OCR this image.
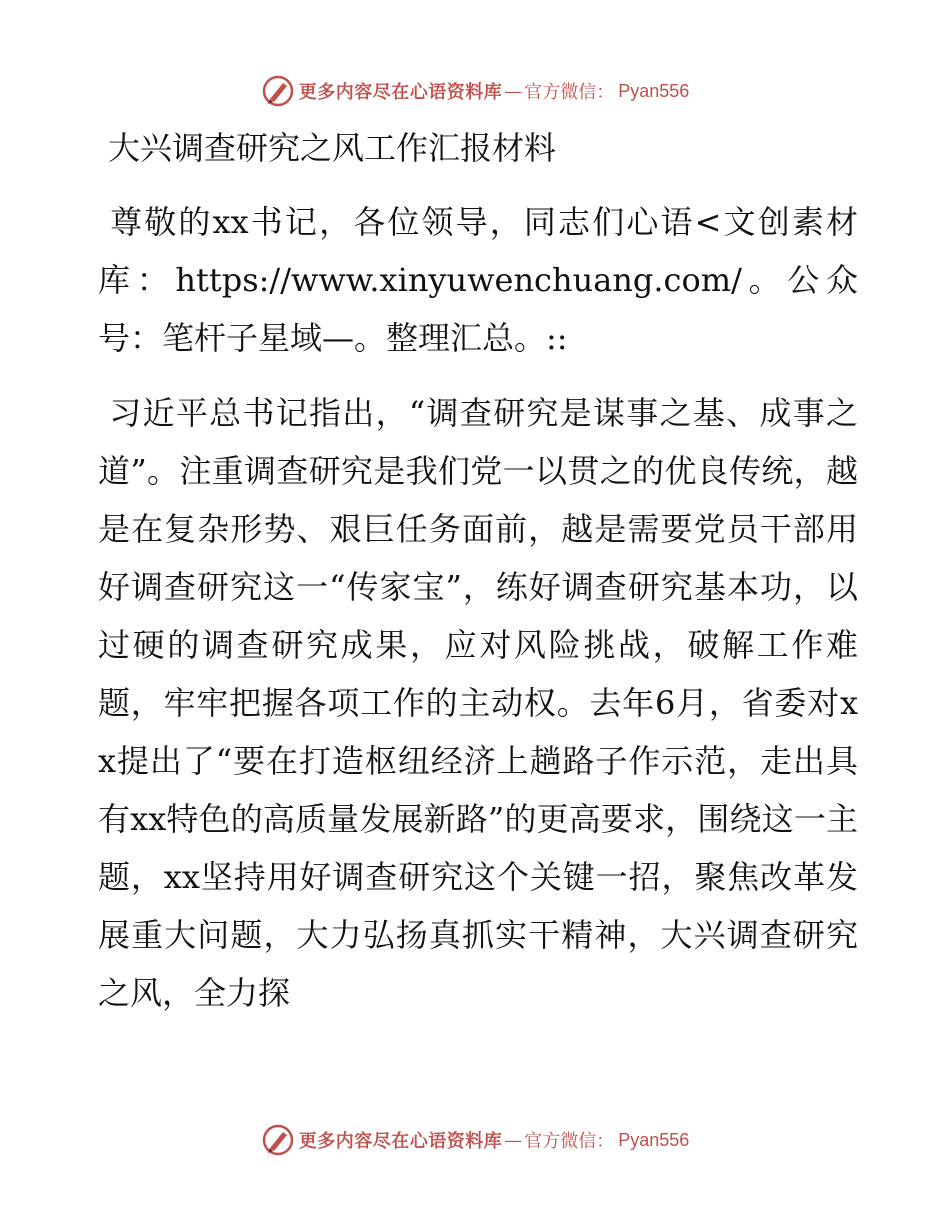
更多内容尽在心语资料库 — 官方微信： Pyan556
大兴调查研究之风工作汇报材料
尊敬的xx书记，各位领导，同志们心语<文创素材库：https://www.xinyuwenchuang.com/。公众号：笔杆子星域—。整理汇总。::
习近平总书记指出，“调查研究是谋事之基、成事之道”。注重调查研究是我们党一以贯之的优良传统，越是在复杂形势、艰巨任务面前，越是需要党员干部用好调查研究这一“传家宝”，练好调查研究基本功，以过硬的调查研究成果，应对风险挑战，破解工作难题，牢牢把握各项工作的主动权。去年6月，省委对xx提出了“要在打造枢纽经济上趟路子作示范，走出具有xx特色的高质量发展新路”的更高要求，围绕这一主题，xx坚持用好调查研究这个关键一招，聚焦改革发展重大问题，大力弘扬真抓实干精神，大兴调查研究之风，全力探
更多内容尽在心语资料库 — 官方微信： Pyan556
